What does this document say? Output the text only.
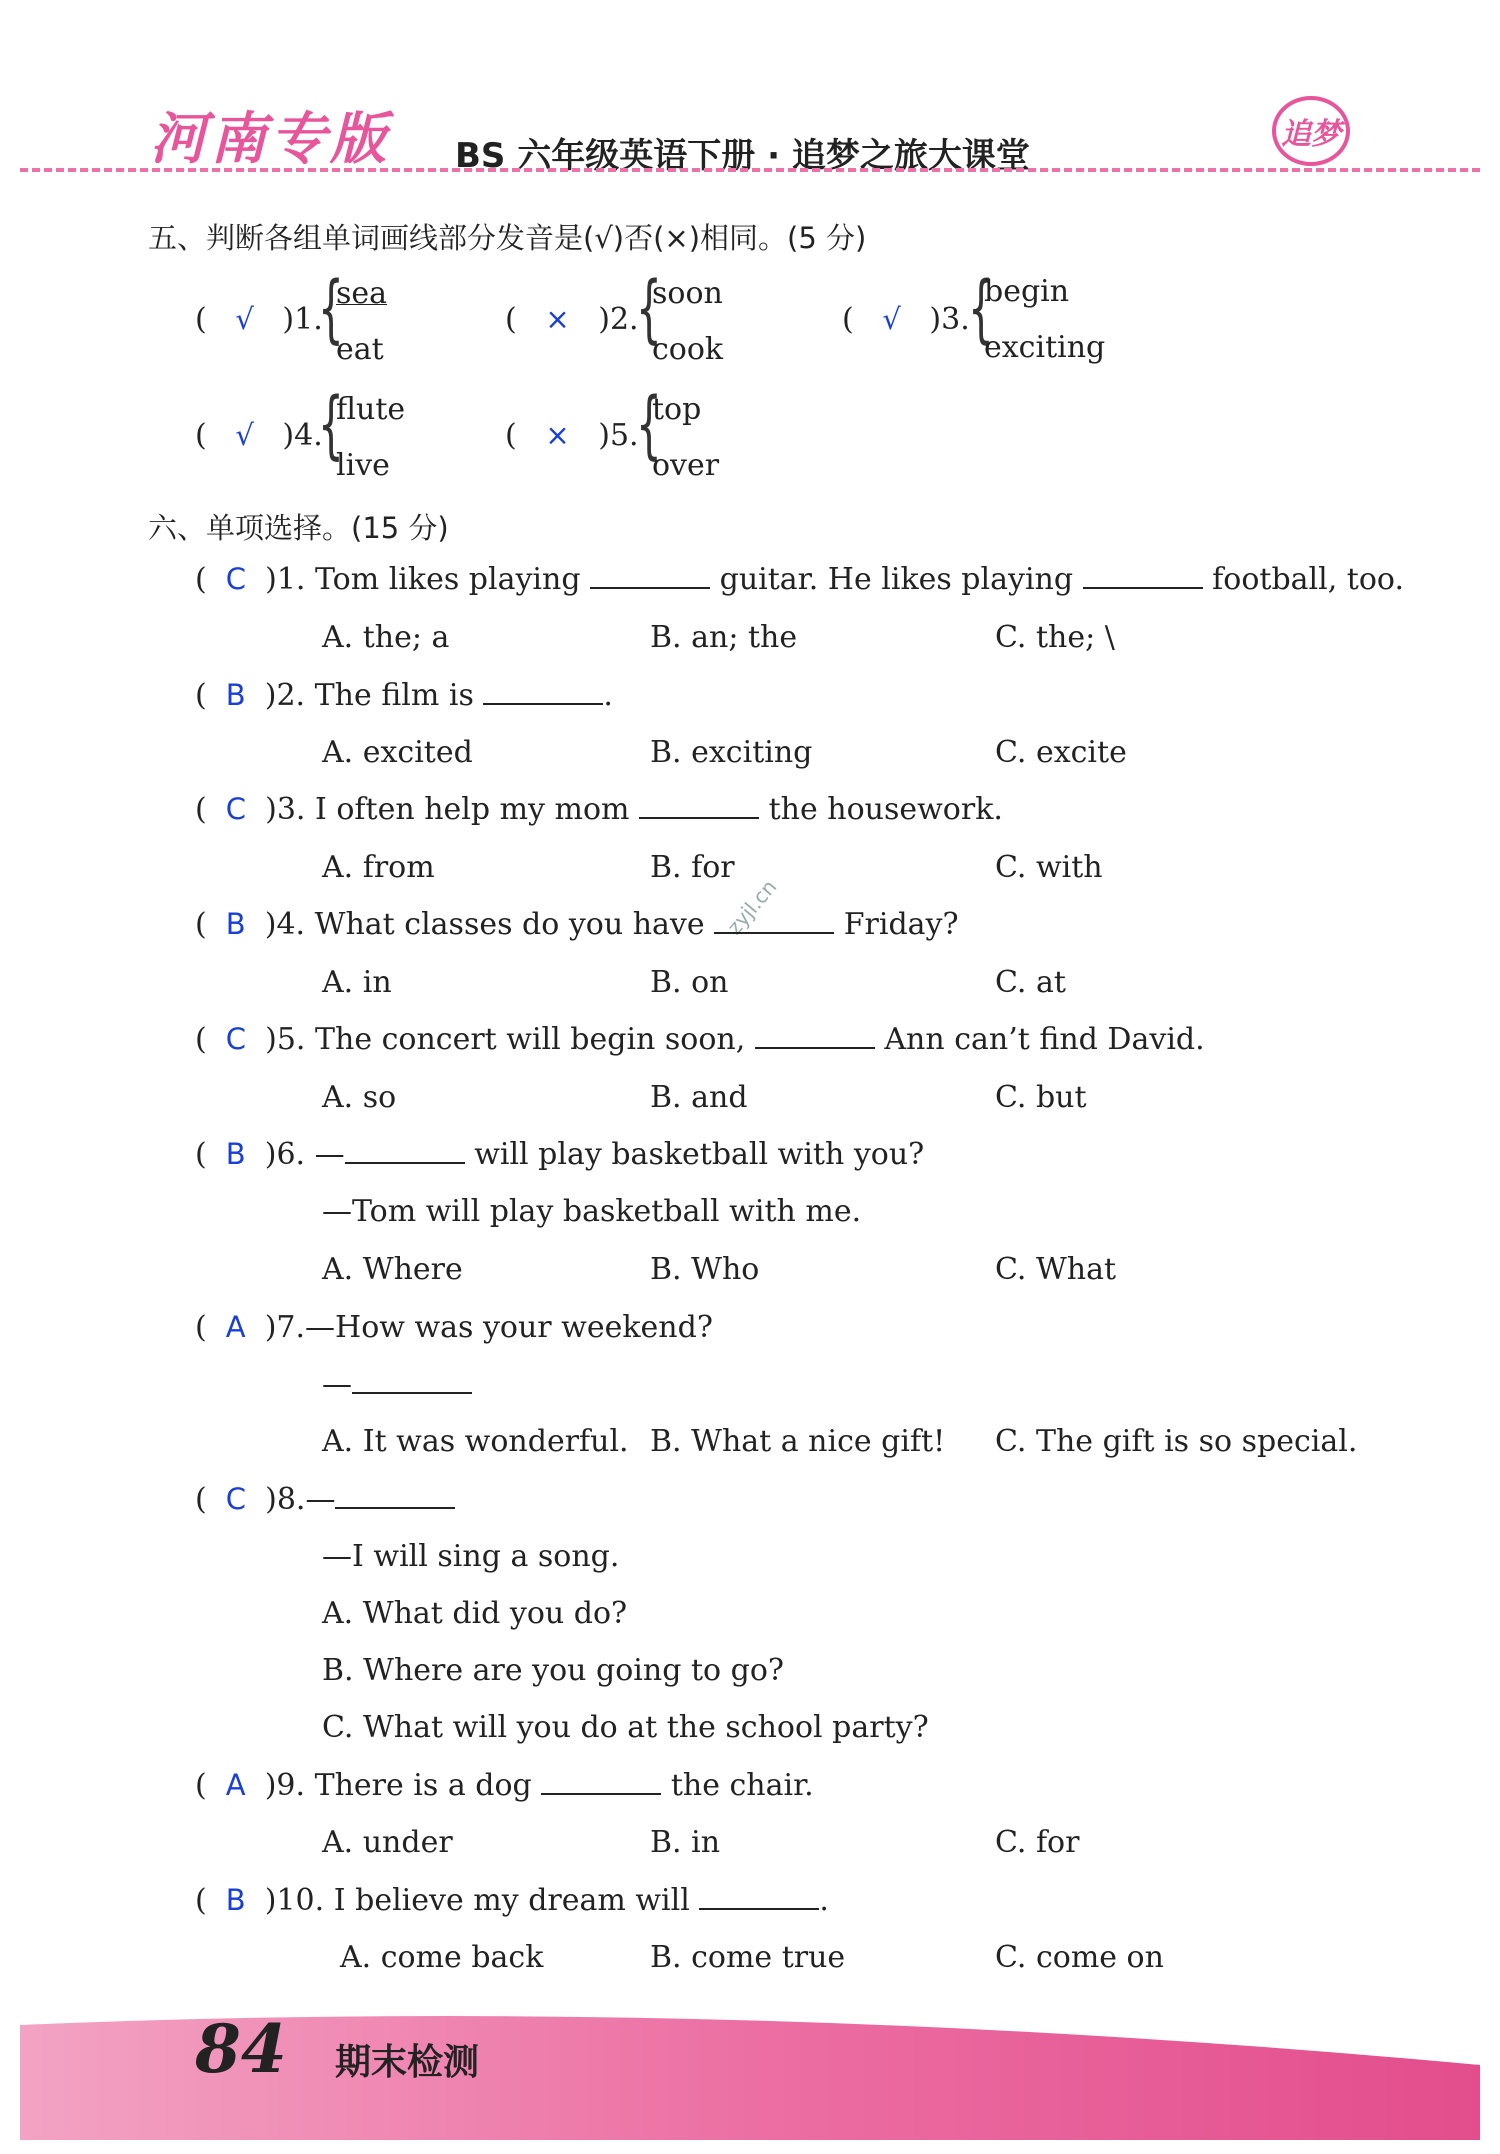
河南专版 BS 六年级英语下册 · 追梦之旅大课堂
追梦
五、判断各组单词画线部分发音是(√)否(×)相同。(5 分)
(   √   )1.
{
sea
eat
(   ×   )2.
{
soon
cook
(   √   )3.
{
begin
exciting
(   √   )4.
{
flute
live
(   ×   )5.
{
top
over
六、单项选择。(15 分)
(  C  )1. Tom likes playing	guitar. He likes playing	football, too.
A. the; a	B. an; the	C. the; \
(  B  )2. The film is	.
A. excited	B. exciting	C. excite
(  C  )3. I often help my mom	the housework.
A. from	B. for	C. with
zyjl.cn
(  B  )4. What classes do you have	Friday?
A. in	B. on	C. at
(  C  )5. The concert will begin soon,	Ann can’t find David.
A. so	B. and	C. but
(  B  )6. —	will play basketball with you?
—Tom will play basketball with me.
A. Where	B. Who	C. What
(  A  )7.—How was your weekend?
—
A. It was wonderful. B. What a nice gift! C. The gift is so special.
(  C  )8.—
—I will sing a song.
A. What did you do?
B. Where are you going to go?
C. What will you do at the school party?
(  A  )9. There is a dog	the chair.
A. under	B. in	C. for
(  B  )10. I believe my dream will	.
A. come back	B. come true	C. come on
84 期末检测
